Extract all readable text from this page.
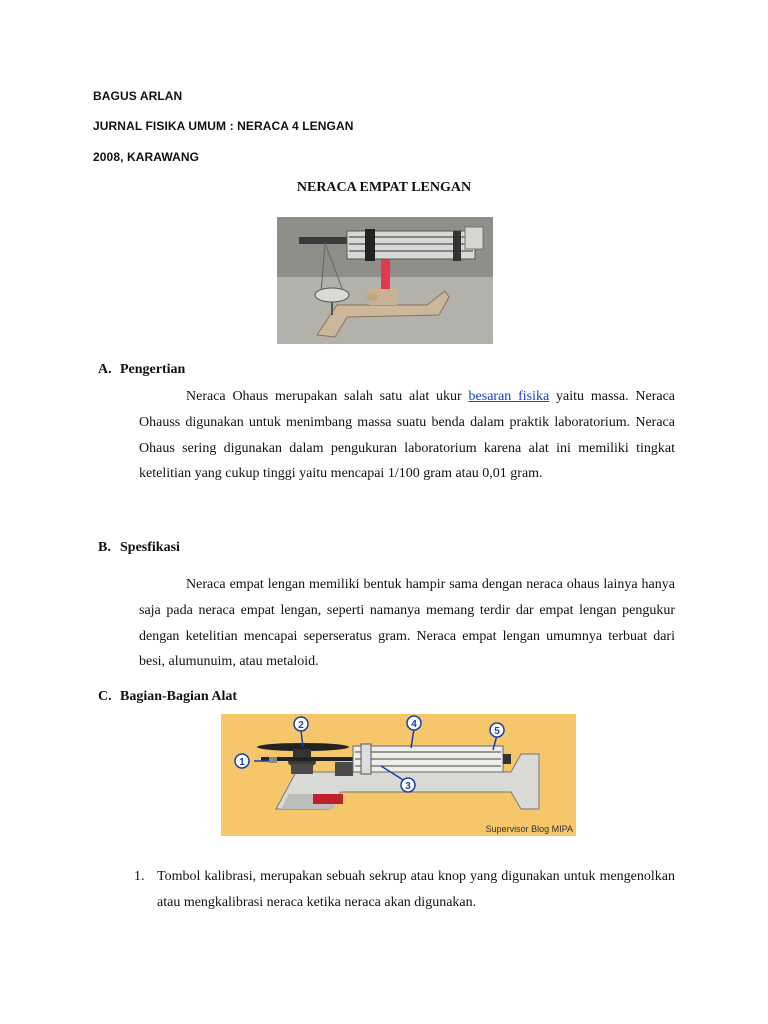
BAGUS ARLAN
JURNAL FISIKA UMUM : NERACA 4 LENGAN
2008, KARAWANG
NERACA EMPAT LENGAN
A. Pengertian
Neraca Ohaus merupakan salah satu alat ukur besaran fisika yaitu massa. Neraca Ohauss digunakan untuk menimbang massa suatu benda dalam praktik laboratorium. Neraca Ohaus sering digunakan dalam pengukuran laboratorium karena alat ini memiliki tingkat ketelitian yang cukup tinggi yaitu mencapai 1/100 gram atau 0,01 gram.
B. Spesfikasi
Neraca empat lengan memiliki bentuk hampir sama dengan neraca ohaus lainya hanya saja pada neraca empat lengan, seperti namanya memang terdir dar empat lengan pengukur dengan ketelitian mencapai seperseratus gram. Neraca empat lengan umumnya terbuat dari besi, alumunuim, atau metaloid.
C. Bagian-Bagian Alat
1
2
3
4
5
Supervisor Blog MIPA
1. Tombol kalibrasi, merupakan sebuah sekrup atau knop yang digunakan untuk mengenolkan atau mengkalibrasi neraca ketika neraca akan digunakan.
